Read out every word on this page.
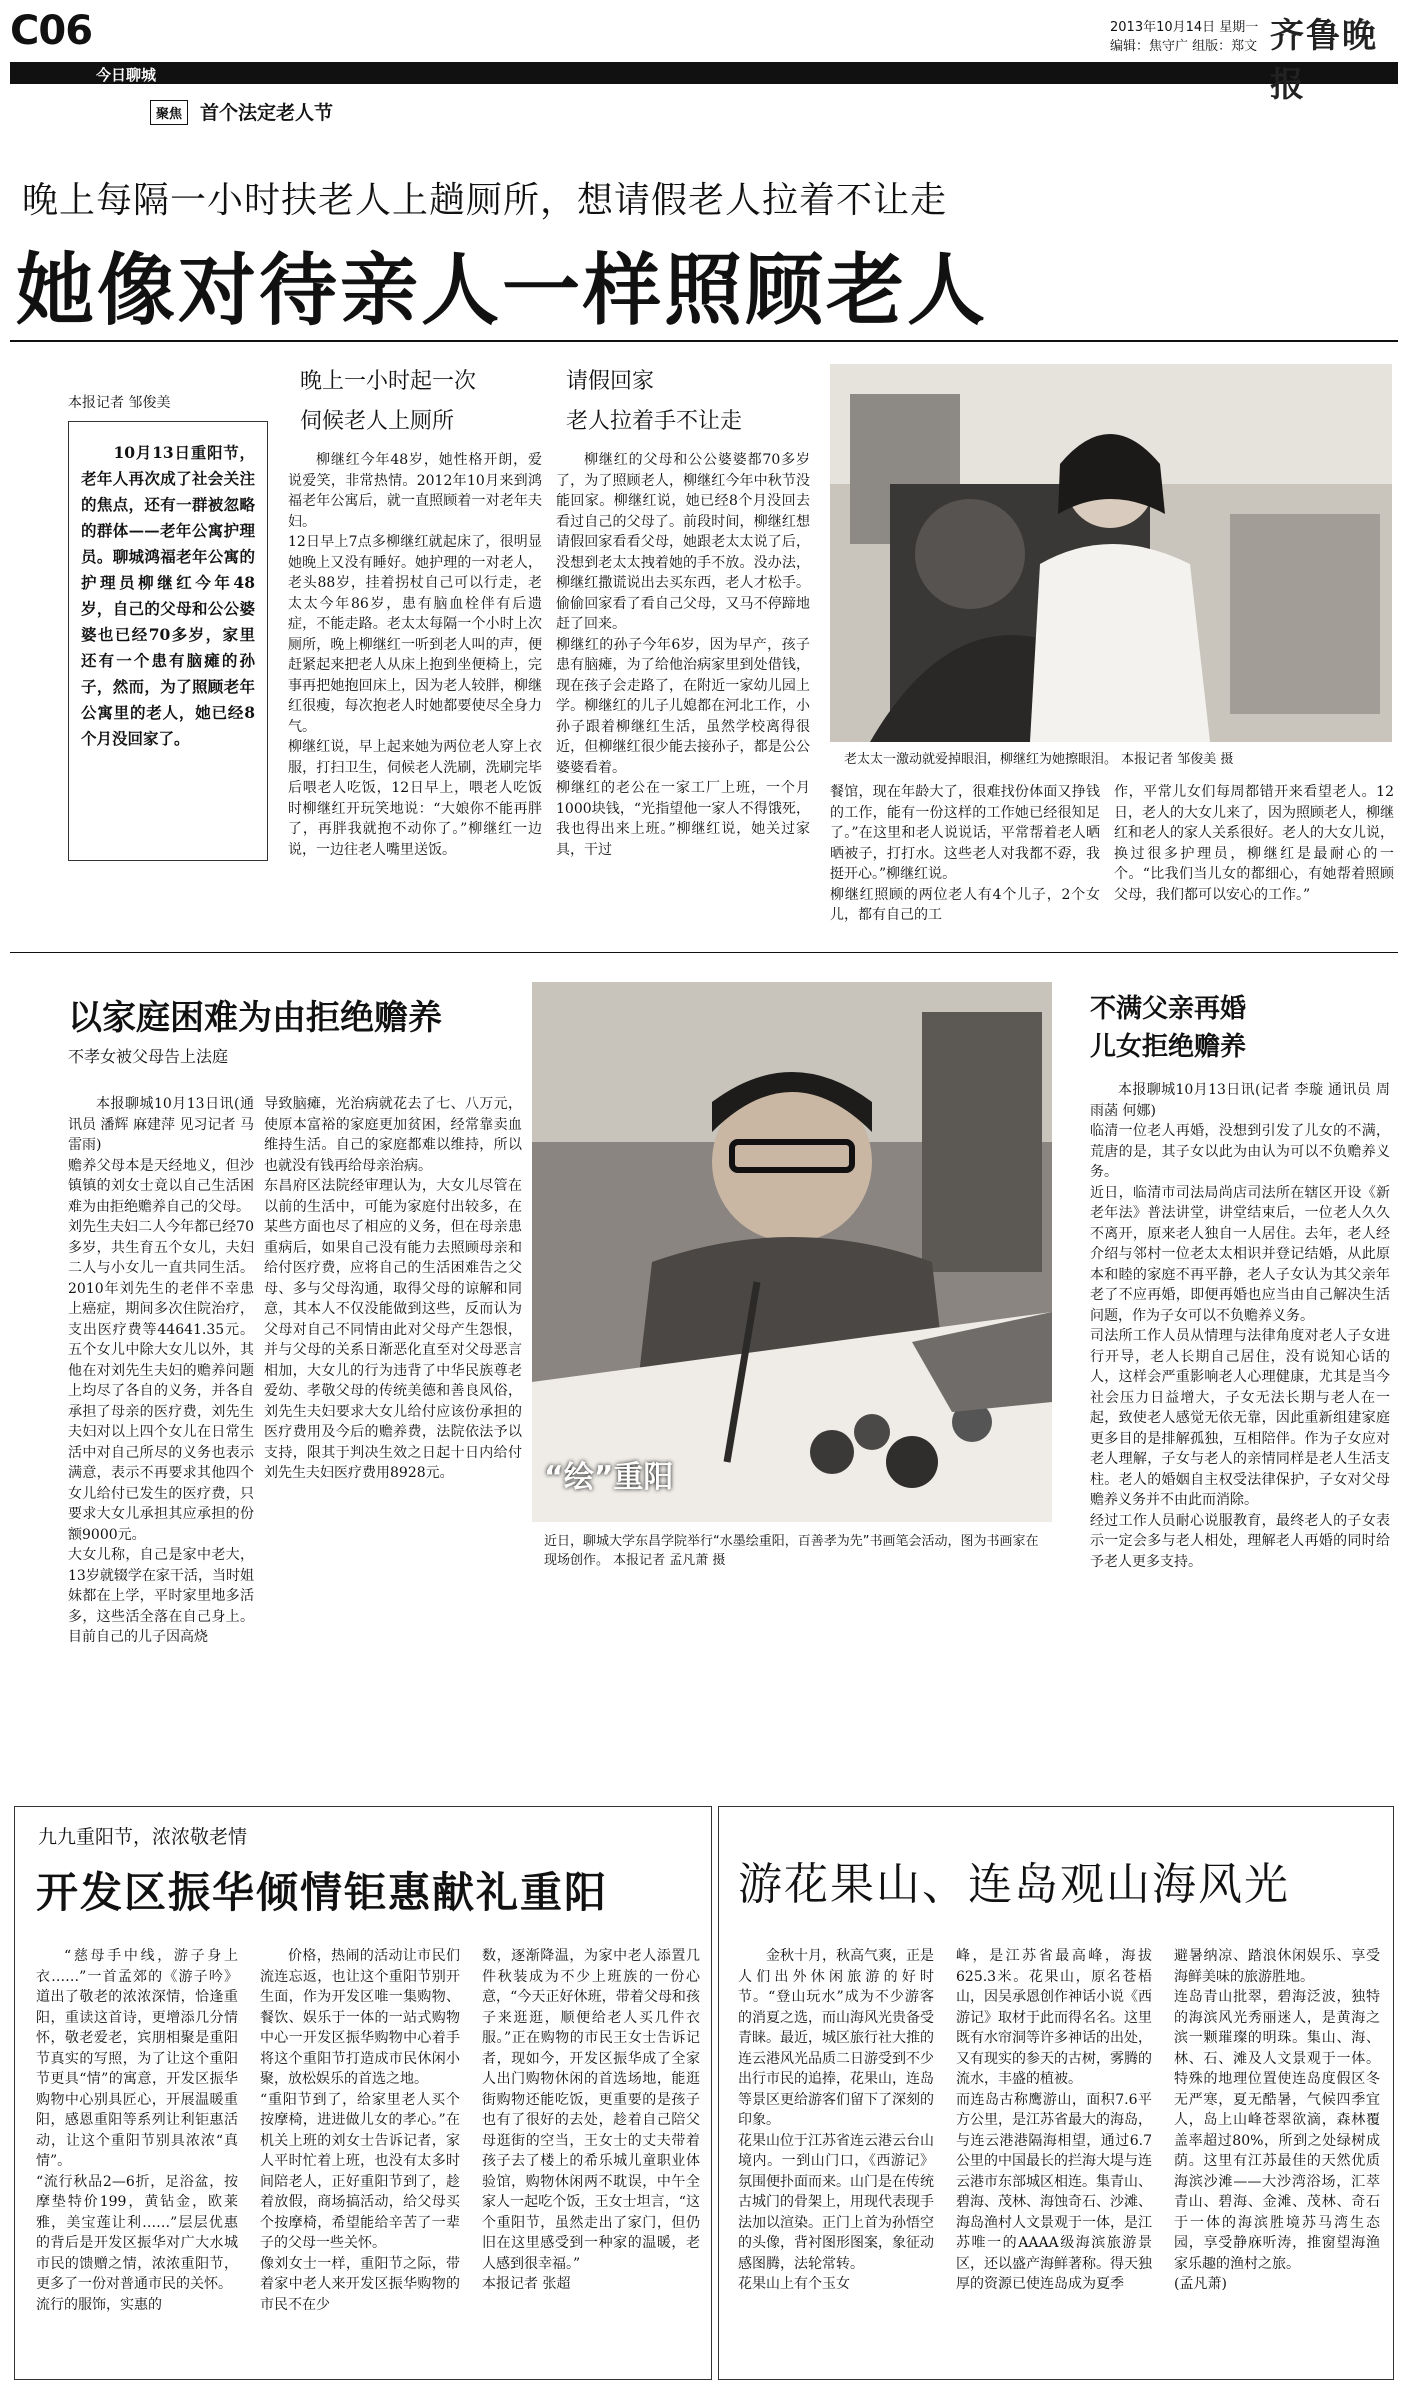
C06
今日聊城
聚焦 首个法定老人节
2013年10月14日 星期一
编辑：焦守广 组版：郑文 齐鲁晚报
晚上每隔一小时扶老人上趟厕所，想请假老人拉着不让走
她像对待亲人一样照顾老人
本报记者 邹俊美
　　10月13日重阳节，老年人再次成了社会关注的焦点，还有一群被忽略的群体——老年公寓护理员。聊城鸿福老年公寓的护理员柳继红今年48岁，自己的父母和公公婆婆也已经70多岁，家里还有一个患有脑瘫的孙子，然而，为了照顾老年公寓里的老人，她已经8个月没回家了。
晚上一小时起一次
伺候老人上厕所
柳继红今年48岁，她性格开朗，爱说爱笑，非常热情。2012年10月来到鸿福老年公寓后，就一直照顾着一对老年夫妇。
12日早上7点多柳继红就起床了，很明显她晚上又没有睡好。她护理的一对老人，老头88岁，挂着拐杖自己可以行走，老太太今年86岁，患有脑血栓伴有后遗症，不能走路。老太太每隔一个小时上次厕所，晚上柳继红一听到老人叫的声，便赶紧起来把老人从床上抱到坐便椅上，完事再把她抱回床上，因为老人较胖，柳继红很瘦，每次抱老人时她都要使尽全身力气。
柳继红说，早上起来她为两位老人穿上衣服，打扫卫生，伺候老人洗刷，洗刷完毕后喂老人吃饭，12日早上，喂老人吃饭时柳继红开玩笑地说：“大娘你不能再胖了，再胖我就抱不动你了。”柳继红一边说，一边往老人嘴里送饭。
请假回家
老人拉着手不让走
柳继红的父母和公公婆婆都70多岁了，为了照顾老人，柳继红今年中秋节没能回家。柳继红说，她已经8个月没回去看过自己的父母了。前段时间，柳继红想请假回家看看父母，她跟老太太说了后，没想到老太太拽着她的手不放。没办法，柳继红撒谎说出去买东西，老人才松手。偷偷回家看了看自己父母，又马不停蹄地赶了回来。
柳继红的孙子今年6岁，因为早产，孩子患有脑瘫，为了给他治病家里到处借钱，现在孩子会走路了，在附近一家幼儿园上学。柳继红的儿子儿媳都在河北工作，小孙子跟着柳继红生活，虽然学校离得很近，但柳继红很少能去接孙子，都是公公婆婆看着。
柳继红的老公在一家工厂上班，一个月1000块钱，“光指望他一家人不得饿死，我也得出来上班。”柳继红说，她关过家具，干过
老太太一激动就爱掉眼泪，柳继红为她擦眼泪。 本报记者 邹俊美 摄
餐馆，现在年龄大了，很难找份体面又挣钱的工作，能有一份这样的工作她已经很知足了。”在这里和老人说说话，平常帮着老人晒晒被子，打打水。这些老人对我都不孬，我挺开心。”柳继红说。
柳继红照顾的两位老人有4个儿子，2个女儿，都有自己的工
作，平常儿女们每周都错开来看望老人。12日，老人的大女儿来了，因为照顾老人，柳继红和老人的家人关系很好。老人的大女儿说，换过很多护理员，柳继红是最耐心的一个。“比我们当儿女的都细心，有她帮着照顾父母，我们都可以安心的工作。”
以家庭困难为由拒绝赡养
不孝女被父母告上法庭
本报聊城10月13日讯(通讯员 潘辉 麻建萍 见习记者 马雷雨)
赡养父母本是天经地义，但沙镇镇的刘女士竟以自己生活困难为由拒绝赡养自己的父母。
刘先生夫妇二人今年都已经70多岁，共生育五个女儿，夫妇二人与小女儿一直共同生活。2010年刘先生的老伴不幸患上癌症，期间多次住院治疗，支出医疗费等44641.35元。五个女儿中除大女儿以外，其他在对刘先生夫妇的赡养问题上均尽了各自的义务，并各自承担了母亲的医疗费，刘先生夫妇对以上四个女儿在日常生活中对自己所尽的义务也表示满意，表示不再要求其他四个女儿给付已发生的医疗费，只要求大女儿承担其应承担的份额9000元。
大女儿称，自己是家中老大，13岁就辍学在家干活，当时姐妹都在上学，平时家里地多活多，这些活全落在自己身上。目前自己的儿子因高烧
导致脑瘫，光治病就花去了七、八万元，使原本富裕的家庭更加贫困，经常靠卖血维持生活。自己的家庭都难以维持，所以也就没有钱再给母亲治病。
东昌府区法院经审理认为，大女儿尽管在以前的生活中，可能为家庭付出较多，在某些方面也尽了相应的义务，但在母亲患重病后，如果自己没有能力去照顾母亲和给付医疗费，应将自己的生活困难告之父母、多与父母沟通，取得父母的谅解和同意，其本人不仅没能做到这些，反而认为父母对自己不同情由此对父母产生怨恨，并与父母的关系日渐恶化直至对父母恶言相加，大女儿的行为违背了中华民族尊老爱幼、孝敬父母的传统美德和善良风俗，刘先生夫妇要求大女儿给付应该份承担的医疗费用及今后的赡养费，法院依法予以支持，限其于判决生效之日起十日内给付刘先生夫妇医疗费用8928元。	“绘”重阳
近日，聊城大学东昌学院举行“水墨绘重阳，百善孝为先”书画笔会活动，图为书画家在现场创作。 本报记者 孟凡萧 摄
不满父亲再婚
儿女拒绝赡养
本报聊城10月13日讯(记者 李璇 通讯员 周雨菡 何娜)
临清一位老人再婚，没想到引发了儿女的不满，荒唐的是，其子女以此为由认为可以不负赡养义务。
近日，临清市司法局尚店司法所在辖区开设《新老年法》普法讲堂，讲堂结束后，一位老人久久不离开，原来老人独自一人居住。去年，老人经介绍与邻村一位老太太相识并登记结婚，从此原本和睦的家庭不再平静，老人子女认为其父亲年老了不应再婚，即便再婚也应当由自己解决生活问题，作为子女可以不负赡养义务。
司法所工作人员从情理与法律角度对老人子女进行开导，老人长期自己居住，没有说知心话的人，这样会严重影响老人心理健康，尤其是当今社会压力日益增大，子女无法长期与老人在一起，致使老人感觉无依无靠，因此重新组建家庭更多目的是排解孤独，互相陪伴。作为子女应对老人理解，子女与老人的亲情同样是老人生活支柱。老人的婚姻自主权受法律保护，子女对父母赡养义务并不由此而消除。
经过工作人员耐心说服教育，最终老人的子女表示一定会多与老人相处，理解老人再婚的同时给予老人更多支持。
九九重阳节，浓浓敬老情
开发区振华倾情钜惠献礼重阳
“慈母手中线，游子身上衣……”一首孟郊的《游子吟》道出了敬老的浓浓深情，恰逢重阳，重读这首诗，更增添几分情怀，敬老爱老，宾朋相聚是重阳节真实的写照，为了让这个重阳节更具“情”的寓意，开发区振华购物中心别具匠心，开展温暖重阳，感恩重阳等系列让利钜惠活动，让这个重阳节别具浓浓“真情”。
“流行秋品2—6折，足浴盆，按摩垫特价199，黄钻金，欧莱雅，美宝莲让利……”层层优惠的背后是开发区振华对广大水城市民的馈赠之情，浓浓重阳节，更多了一份对普通市民的关怀。
流行的服饰，实惠的
价格，热闹的活动让市民们流连忘返，也让这个重阳节别开生面，作为开发区唯一集购物、餐饮、娱乐于一体的一站式购物中心一开发区振华购物中心着手将这个重阳节打造成市民休闲小聚，放松娱乐的首选之地。
“重阳节到了，给家里老人买个按摩椅，进进做儿女的孝心。”在机关上班的刘女士告诉记者，家人平时忙着上班，也没有太多时间陪老人，正好重阳节到了，趁着放假，商场搞活动，给父母买个按摩椅，希望能给辛苦了一辈子的父母一些关怀。
像刘女士一样，重阳节之际，带着家中老人来开发区振华购物的市民不在少
数，逐渐降温，为家中老人添置几件秋装成为不少上班族的一份心意，“今天正好休班，带着父母和孩子来逛逛，顺便给老人买几件衣服。”正在购物的市民王女士告诉记者，现如今，开发区振华成了全家人出门购物休闲的首选场地，能逛街购物还能吃饭，更重要的是孩子也有了很好的去处，趁着自己陪父母逛街的空当，王女士的丈夫带着孩子去了楼上的希乐城儿童职业体验馆，购物休闲两不耽误，中午全家人一起吃个饭，王女士坦言，“这个重阳节，虽然走出了家门，但仍旧在这里感受到一种家的温暖，老人感到很幸福。”
本报记者 张超
游花果山、连岛观山海风光
金秋十月，秋高气爽，正是人们出外休闲旅游的好时节。“登山玩水”成为不少游客的消夏之选，而山海风光贵备受青睐。最近，城区旅行社大推的连云港风光品质二日游受到不少出行市民的追捧，花果山，连岛等景区更给游客们留下了深刻的印象。
花果山位于江苏省连云港云台山境内。一到山门口，《西游记》氛围便扑面而来。山门是在传统古城门的骨架上，用现代表现手法加以渲染。正门上首为孙悟空的头像，背衬图形图案，象征动感图腾，法轮常转。
花果山上有个玉女
峰，是江苏省最高峰，海拔625.3米。花果山，原名苍梧山，因吴承恩创作神话小说《西游记》取材于此而得名名。这里既有水帘洞等许多神话的出处，又有现实的参天的古树，雾腾的流水，丰盛的植被。
而连岛古称鹰游山，面积7.6平方公里，是江苏省最大的海岛，与连云港港隔海相望，通过6.7公里的中国最长的拦海大堤与连云港市东部城区相连。集青山、碧海、茂林、海蚀奇石、沙滩、海岛渔村人文景观于一体，是江苏唯一的AAAA级海滨旅游景区，还以盛产海鲜著称。得天独厚的资源已使连岛成为夏季
避暑纳凉、踏浪休闲娱乐、享受海鲜美味的旅游胜地。
连岛青山批翠，碧海泛波，独特的海滨风光秀丽迷人，是黄海之滨一颗璀璨的明珠。集山、海、林、石、滩及人文景观于一体。特殊的地理位置使连岛度假区冬无严寒，夏无酷暑，气候四季宜人，岛上山峰苍翠欲滴，森林覆盖率超过80%，所到之处绿树成荫。这里有江苏最佳的天然优质海滨沙滩——大沙湾浴场，汇萃青山、碧海、金滩、茂林、奇石于一体的海滨胜境苏马湾生态园，享受静庥听涛，推窗望海渔家乐趣的渔村之旅。
(孟凡萧)
